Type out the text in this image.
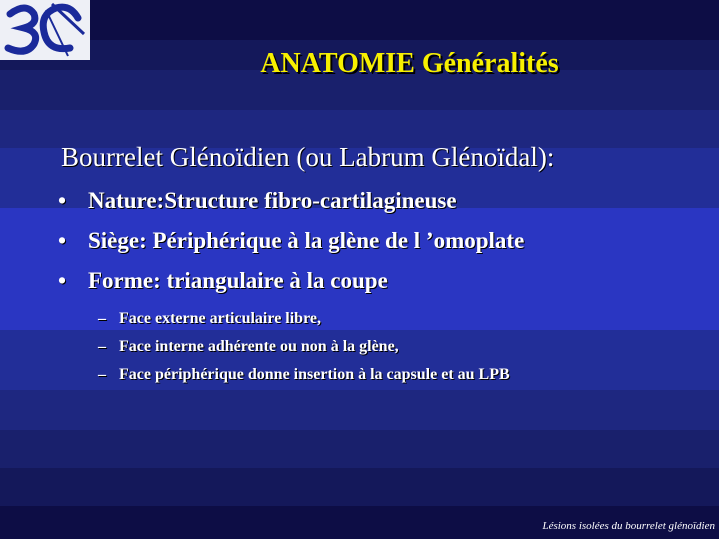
ANATOMIE Généralités
Bourrelet Glénoïdien (ou Labrum Glénoïdal):
• Nature:Structure fibro-cartilagineuse
• Siège: Périphérique à la glène de l ’omoplate
• Forme: triangulaire à la coupe
– Face externe articulaire libre,
– Face interne adhérente ou non à la glène,
– Face périphérique donne insertion à la capsule et au LPB
Lésions isolées du bourrelet glénoïdien
